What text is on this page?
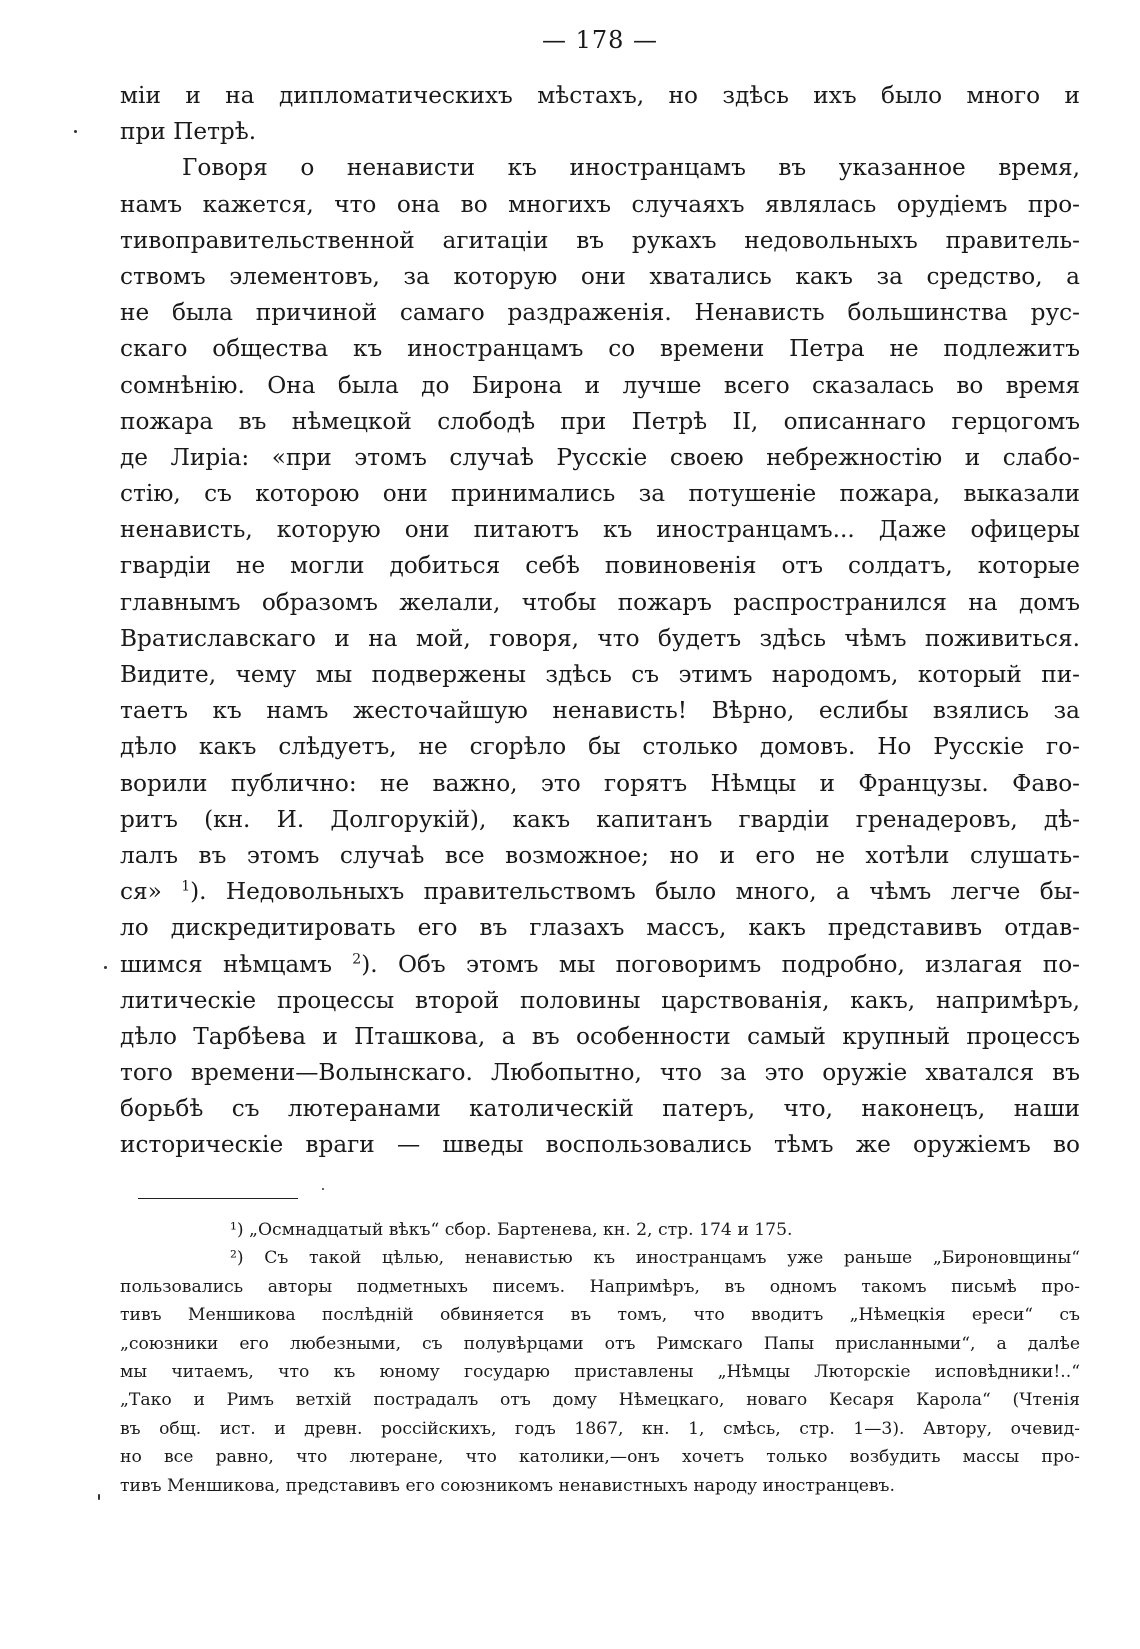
— 178 —
міи и на дипломатическихъ мѣстахъ, но здѣсь ихъ было много и
при Петрѣ.
Говоря о ненависти къ иностранцамъ въ указанное время,
намъ кажется, что она во многихъ случаяхъ являлась орудіемъ про-
тивоправительственной агитаціи въ рукахъ недовольныхъ правитель-
ствомъ элементовъ, за которую они хватались какъ за средство, а
не была причиной самаго раздраженія. Ненависть большинства рус-
скаго общества къ иностранцамъ со времени Петра не подлежитъ
сомнѣнію. Она была до Бирона и лучше всего сказалась во время
пожара въ нѣмецкой слободѣ при Петрѣ II, описаннаго герцогомъ
де Лиріа: «при этомъ случаѣ Русскіе своею небрежностію и слабо-
стію, съ которою они принимались за потушеніе пожара, выказали
ненависть, которую они питаютъ къ иностранцамъ... Даже офицеры
гвардіи не могли добиться себѣ повиновенія отъ солдатъ, которые
главнымъ образомъ желали, чтобы пожаръ распространился на домъ
Вратиславскаго и на мой, говоря, что будетъ здѣсь чѣмъ поживиться.
Видите, чему мы подвержены здѣсь съ этимъ народомъ, который пи-
таетъ къ намъ жесточайшую ненависть! Вѣрно, еслибы взялись за
дѣло какъ слѣдуетъ, не сгорѣло бы столько домовъ. Но Русскіе го-
ворили публично: не важно, это горятъ Нѣмцы и Французы. Фаво-
ритъ (кн. И. Долгорукій), какъ капитанъ гвардіи гренадеровъ, дѣ-
лалъ въ этомъ случаѣ все возможное; но и его не хотѣли слушать-
ся» $^1$). Недовольныхъ правительствомъ было много, а чѣмъ легче бы-
ло дискредитировать его въ глазахъ массъ, какъ представивъ отдав-
шимся нѣмцамъ $^2$). Объ этомъ мы поговоримъ подробно, излагая по-
литическіе процессы второй половины царствованія, какъ, напримѣръ,
дѣло Тарбѣева и Пташкова, а въ особенности самый крупный процессъ
того времени—Волынскаго. Любопытно, что за это оружіе хватался въ
борьбѣ съ лютеранами католическій патеръ, что, наконецъ, наши
историческіе враги — шведы воспользовались тѣмъ же оружіемъ во
¹) „Осмнадцатый вѣкъ“ сбор. Бартенева, кн. 2, стр. 174 и 175.
²) Съ такой цѣлью, ненавистью къ иностранцамъ уже раньше „Бироновщины“
пользовались авторы подметныхъ писемъ. Напримѣръ, въ одномъ такомъ письмѣ про-
тивъ Меншикова послѣдній обвиняется въ томъ, что вводитъ „Нѣмецкія ереси“ съ
„союзники его любезными, съ полувѣрцами отъ Римскаго Папы присланными“, а далѣе
мы читаемъ, что къ юному государю приставлены „Нѣмцы Люторскіе исповѣдники!..“
„Тако и Римъ ветхій пострадалъ отъ дому Нѣмецкаго, новаго Кесаря Карола“ (Чтенія
въ общ. ист. и древн. россійскихъ, годъ 1867, кн. 1, смѣсь, стр. 1—3). Автору, очевид-
но все равно, что лютеране, что католики,—онъ хочетъ только возбудить массы про-
тивъ Меншикова, представивъ его союзникомъ ненавистныхъ народу иностранцевъ.
